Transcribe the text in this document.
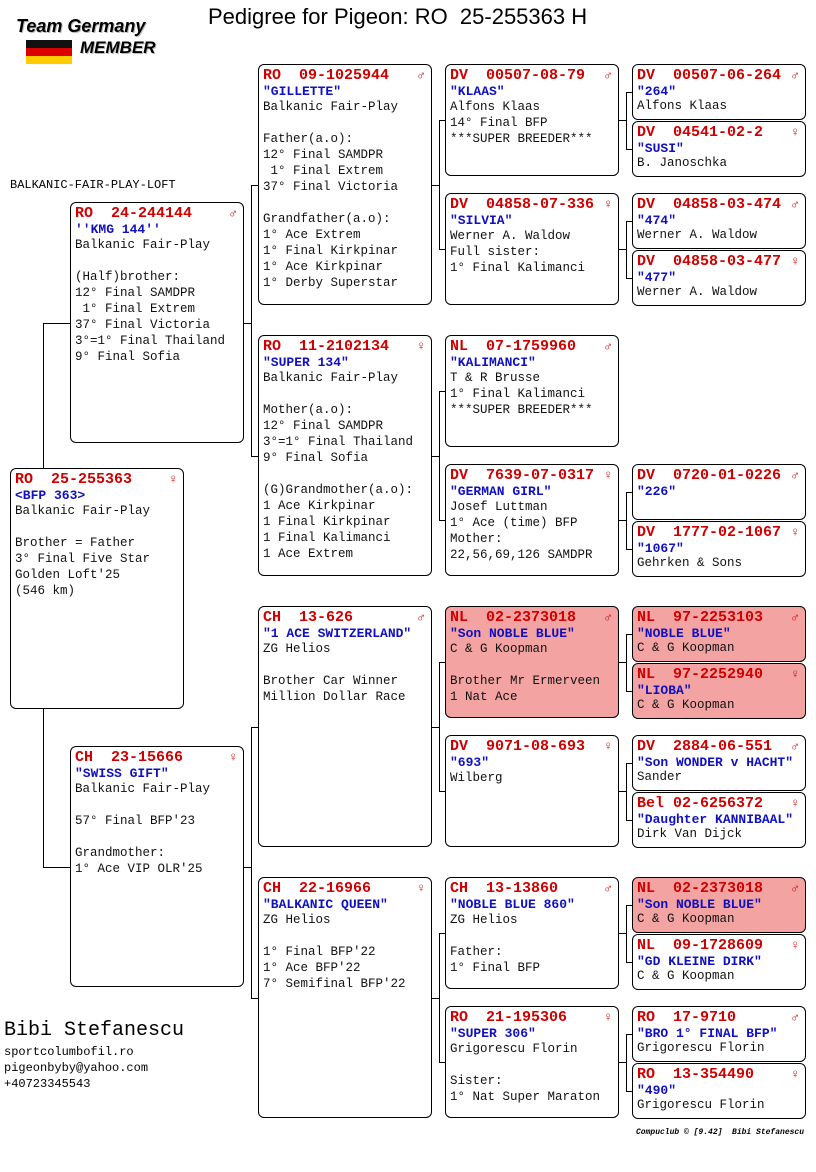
Team Germany
MEMBER
Pedigree for Pigeon: RO  25-255363 H
BALKANIC-FAIR-PLAY-LOFT
Bibi Stefanescu
sportcolumbofil.ro
pigeonbyby@yahoo.com
+40723345543
Compuclub © [9.42]  Bibi Stefanescu
RO  25-255363	♀
<BFP 363>
Balkanic Fair-Play

Brother = Father
3° Final Five Star
Golden Loft'25
(546 km)
RO  24-244144	♂
''KMG 144''
Balkanic Fair-Play

(Half)brother:
12° Final SAMDPR
1° Final Extrem
37° Final Victoria
3°=1° Final Thailand
9° Final Sofia
CH  23-15666	♀
"SWISS GIFT"
Balkanic Fair-Play

57° Final BFP'23

Grandmother:
1° Ace VIP OLR'25
RO  09-1025944 ♂
"GILLETTE"
Balkanic Fair-Play

Father(a.o):
12° Final SAMDPR
1° Final Extrem
37° Final Victoria

Grandfather(a.o):
1° Ace Extrem
1° Final Kirkpinar
1° Ace Kirkpinar
1° Derby Superstar
RO  11-2102134 ♀
"SUPER 134"
Balkanic Fair-Play

Mother(a.o):
12° Final SAMDPR
3°=1° Final Thailand
9° Final Sofia

(G)Grandmother(a.o):
1 Ace Kirkpinar
1 Final Kirkpinar
1 Final Kalimanci
1 Ace Extrem
CH  13-626	♂
"1 ACE SWITZERLAND"
ZG Helios

Brother Car Winner
Million Dollar Race
CH  22-16966	♀
"BALKANIC QUEEN"
ZG Helios

1° Final BFP'22
1° Ace BFP'22
7° Semifinal BFP'22
DV  00507-08-79 ♂
"KLAAS"
Alfons Klaas
14° Final BFP
***SUPER BREEDER***
DV  04858-07-336 ♀
"SILVIA"
Werner A. Waldow
Full sister:
1° Final Kalimanci
NL  07-1759960 ♂
"KALIMANCI"
T & R Brusse
1° Final Kalimanci
***SUPER BREEDER***
DV  7639-07-0317 ♀
"GERMAN GIRL"
Josef Luttman
1° Ace (time) BFP
Mother:
22,56,69,126 SAMDPR
NL  02-2373018 ♂
"Son NOBLE BLUE"
C & G Koopman

Brother Mr Ermerveen
1 Nat Ace
DV  9071-08-693 ♀
"693"
Wilberg
CH  13-13860	♂
"NOBLE BLUE 860"
ZG Helios

Father:
1° Final BFP
RO  21-195306	♀
"SUPER 306"
Grigorescu Florin

Sister:
1° Nat Super Maraton
DV  00507-06-264 ♂
"264"
Alfons Klaas
DV  04541-02-2 ♀
"SUSI"
B. Janoschka
DV  04858-03-474 ♂
"474"
Werner A. Waldow
DV  04858-03-477 ♀
"477"
Werner A. Waldow
DV  0720-01-0226 ♂
"226"
DV  1777-02-1067 ♀
"1067"
Gehrken & Sons
NL  97-2253103 ♂
"NOBLE BLUE"
C & G Koopman
NL  97-2252940 ♀
"LIOBA"
C & G Koopman
DV  2884-06-551 ♂
"Son WONDER v HACHT"
Sander
Bel 02-6256372 ♀
"Daughter KANNIBAAL"
Dirk Van Dijck
NL  02-2373018 ♂
"Son NOBLE BLUE"
C & G Koopman
NL  09-1728609 ♀
"GD KLEINE DIRK"
C & G Koopman
RO  17-9710	♂
"BRO 1° FINAL BFP"
Grigorescu Florin
RO  13-354490	♀
"490"
Grigorescu Florin
